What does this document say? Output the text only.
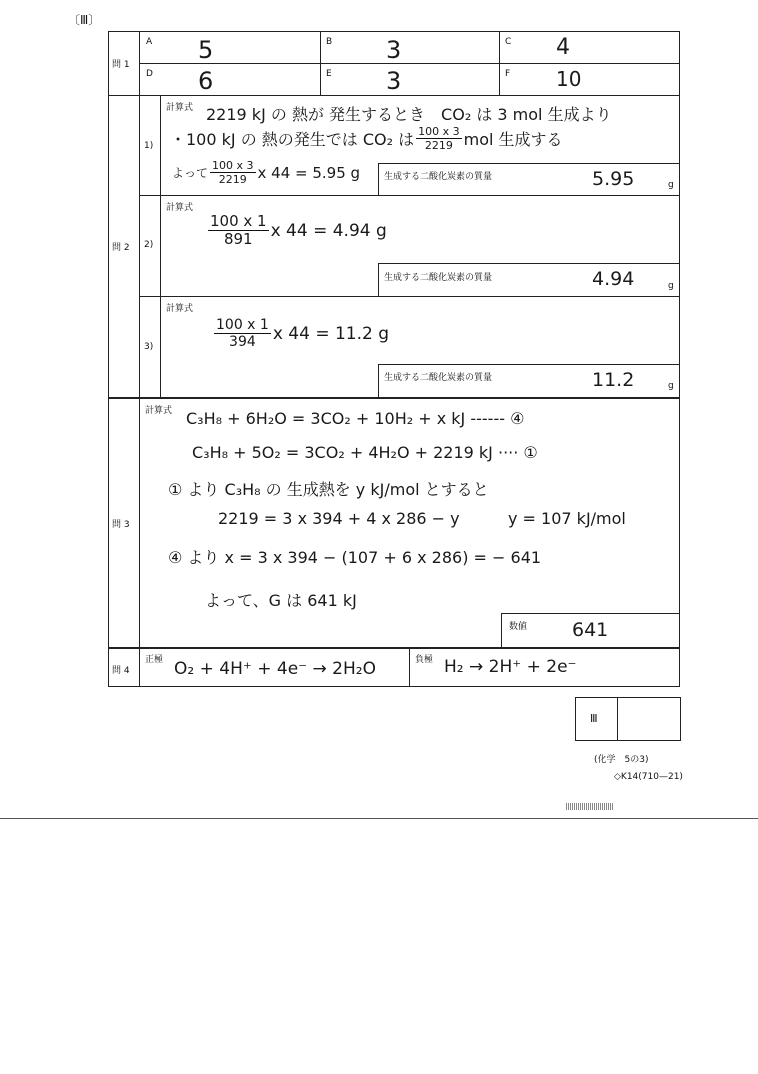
〔Ⅲ〕
問 1
A 5	B 3	C 4
D 6	E 3	F 10
問 2
1)
計算式 2219 kJ の 熱が 発生するとき　CO₂ は 3 mol 生成より
・100 kJ の 熱の発生では CO₂ は $\frac{100 x 3}{2219}$ mol 生成する
よって $\frac{100 x 3}{2219}$ x 44 = 5.95 g	生成する二酸化炭素の質量	5.95	g
2)
計算式
$\frac{100 x 1}{891}$ x 44 = 4.94 g
生成する二酸化炭素の質量	4.94	g
3)
計算式
$\frac{100 x 1}{394}$ x 44 = 11.2 g
生成する二酸化炭素の質量	11.2	g
問 3
計算式 C₃H₈ + 6H₂O = 3CO₂ + 10H₂ + x kJ ------ ④
C₃H₈ + 5O₂ = 3CO₂ + 4H₂O + 2219 kJ ···· ①
① より C₃H₈ の 生成熱を y kJ/mol とすると
2219 = 3 x 394 + 4 x 286 − y	y = 107 kJ/mol
④ より x = 3 x 394 − (107 + 6 x 286) = − 641
よって、G は 641 kJ
数値 641
問 4
正極 O₂ + 4H⁺ + 4e⁻ → 2H₂O	負極 H₂ → 2H⁺ + 2e⁻
Ⅲ
(化学　5の3)
◇K14(710—21)
